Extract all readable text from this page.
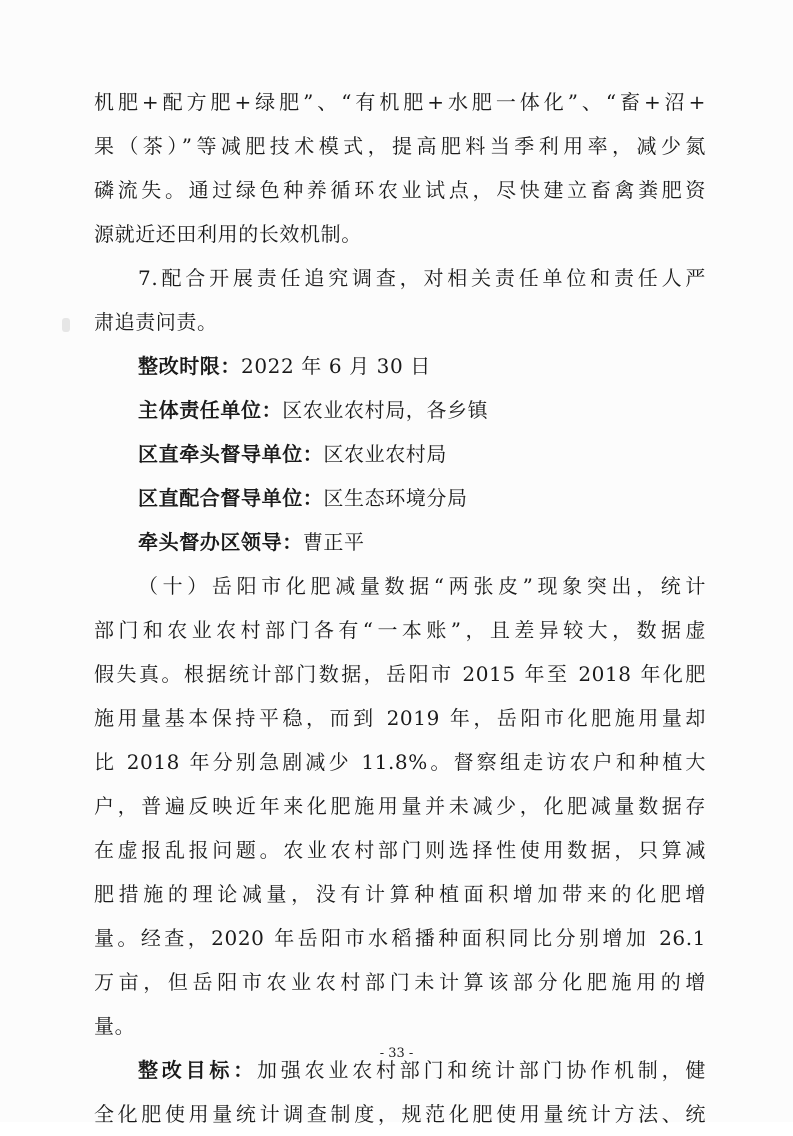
机肥+配方肥+绿肥”、“有机肥+水肥一体化”、“畜+沼+

果（茶）”等减肥技术模式，提高肥料当季利用率，减少氮

磷流失。通过绿色种养循环农业试点，尽快建立畜禽粪肥资

源就近还田利用的长效机制。

7.配合开展责任追究调查，对相关责任单位和责任人严

肃追责问责。

整改时限：2022 年 6 月 30 日

主体责任单位：区农业农村局，各乡镇

区直牵头督导单位：区农业农村局

区直配合督导单位：区生态环境分局

牵头督办区领导：曹正平

（十）岳阳市化肥减量数据“两张皮”现象突出，统计

部门和农业农村部门各有“一本账”，且差异较大，数据虚

假失真。根据统计部门数据，岳阳市 2015 年至 2018 年化肥

施用量基本保持平稳，而到 2019 年，岳阳市化肥施用量却

比 2018 年分别急剧减少 11.8%。督察组走访农户和种植大

户，普遍反映近年来化肥施用量并未减少，化肥减量数据存

在虚报乱报问题。农业农村部门则选择性使用数据，只算减

肥措施的理论减量，没有计算种植面积增加带来的化肥增

量。经查，2020 年岳阳市水稻播种面积同比分别增加 26.1

万亩，但岳阳市农业农村部门未计算该部分化肥施用的增

量。

整改目标：加强农业农村部门和统计部门协作机制，健

全化肥使用量统计调查制度，规范化肥使用量统计方法、统

- 33 -
